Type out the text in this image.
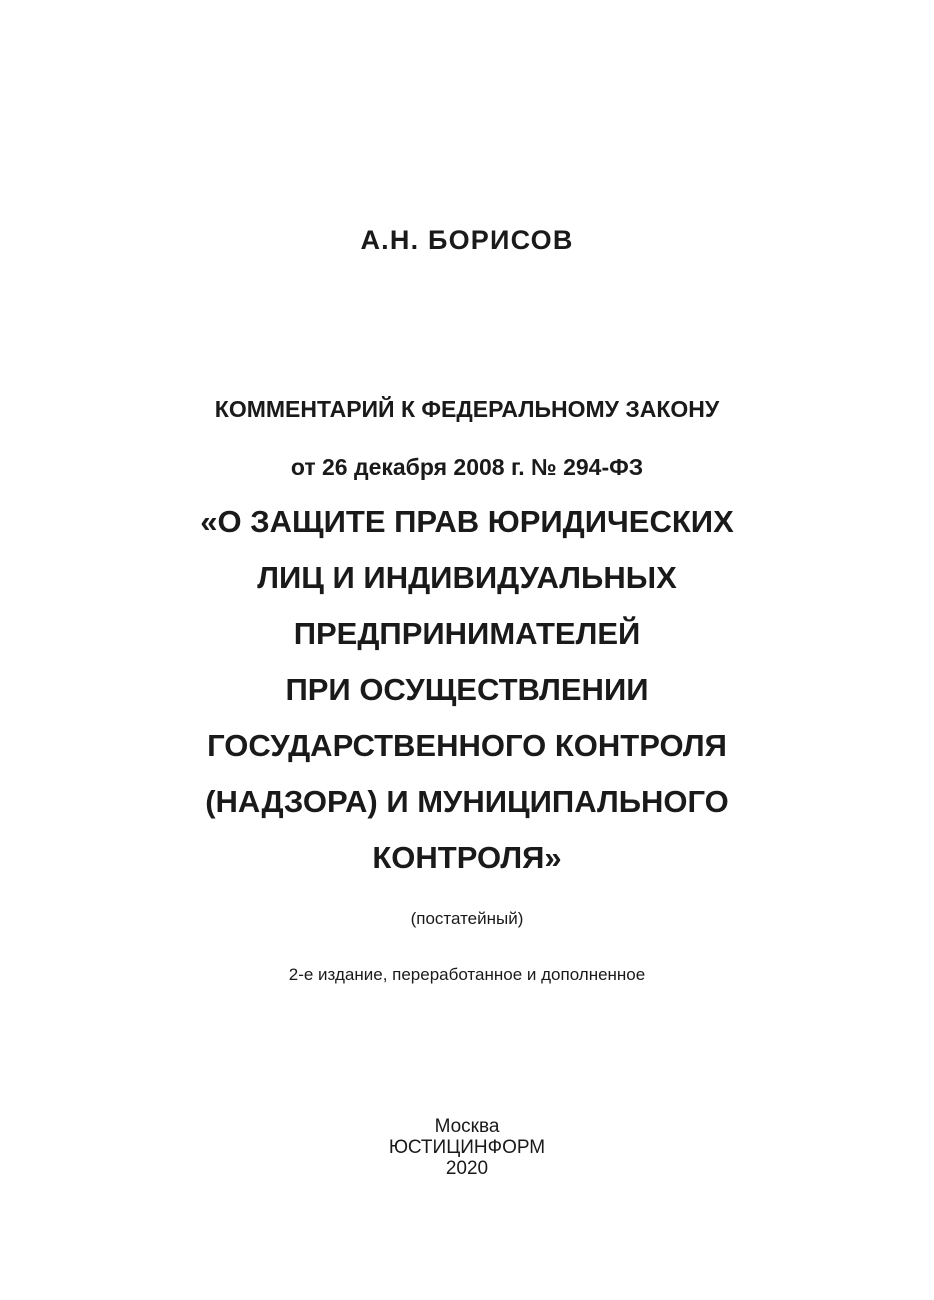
А.Н. БОРИСОВ
КОММЕНТАРИЙ К ФЕДЕРАЛЬНОМУ ЗАКОНУ
от 26 декабря 2008 г. № 294-ФЗ
«О ЗАЩИТЕ ПРАВ ЮРИДИЧЕСКИХ
ЛИЦ И ИНДИВИДУАЛЬНЫХ
ПРЕДПРИНИМАТЕЛЕЙ
ПРИ ОСУЩЕСТВЛЕНИИ
ГОСУДАРСТВЕННОГО КОНТРОЛЯ
(НАДЗОРА) И МУНИЦИПАЛЬНОГО
КОНТРОЛЯ»
(постатейный)
2-е издание, переработанное и дополненное
Москва
ЮСТИЦИНФОРМ
2020
